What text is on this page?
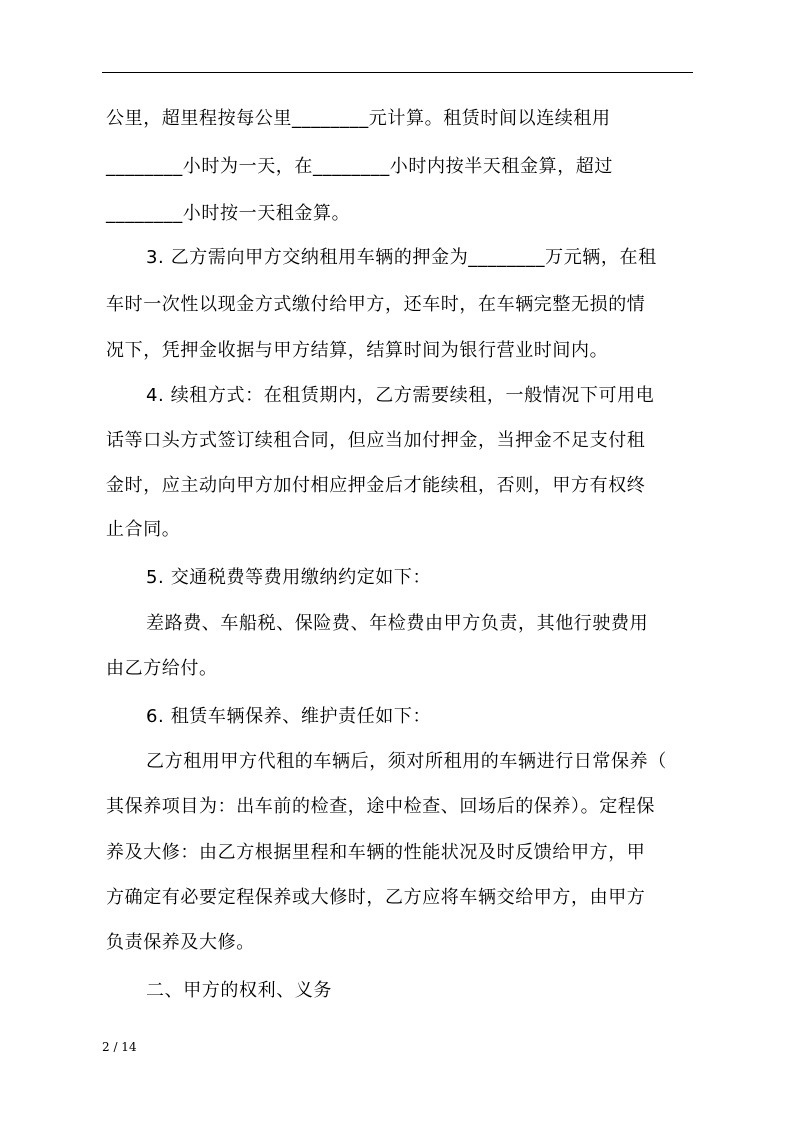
公里，超里程按每公里________元计算。租赁时间以连续租用
________小时为一天，在________小时内按半天租金算，超过
________小时按一天租金算。
3. 乙方需向甲方交纳租用车辆的押金为________万元辆，在租
车时一次性以现金方式缴付给甲方，还车时，在车辆完整无损的情
况下，凭押金收据与甲方结算，结算时间为银行营业时间内。
4. 续租方式：在租赁期内，乙方需要续租，一般情况下可用电
话等口头方式签订续租合同，但应当加付押金，当押金不足支付租
金时，应主动向甲方加付相应押金后才能续租，否则，甲方有权终
止合同。
5. 交通税费等费用缴纳约定如下：
差路费、车船税、保险费、年检费由甲方负责，其他行驶费用
由乙方给付。
6. 租赁车辆保养、维护责任如下：
乙方租用甲方代租的车辆后，须对所租用的车辆进行日常保养（
其保养项目为：出车前的检查，途中检查、回场后的保养）。定程保
养及大修：由乙方根据里程和车辆的性能状况及时反馈给甲方，甲
方确定有必要定程保养或大修时，乙方应将车辆交给甲方，由甲方
负责保养及大修。
二、甲方的权利、义务
2 / 14
